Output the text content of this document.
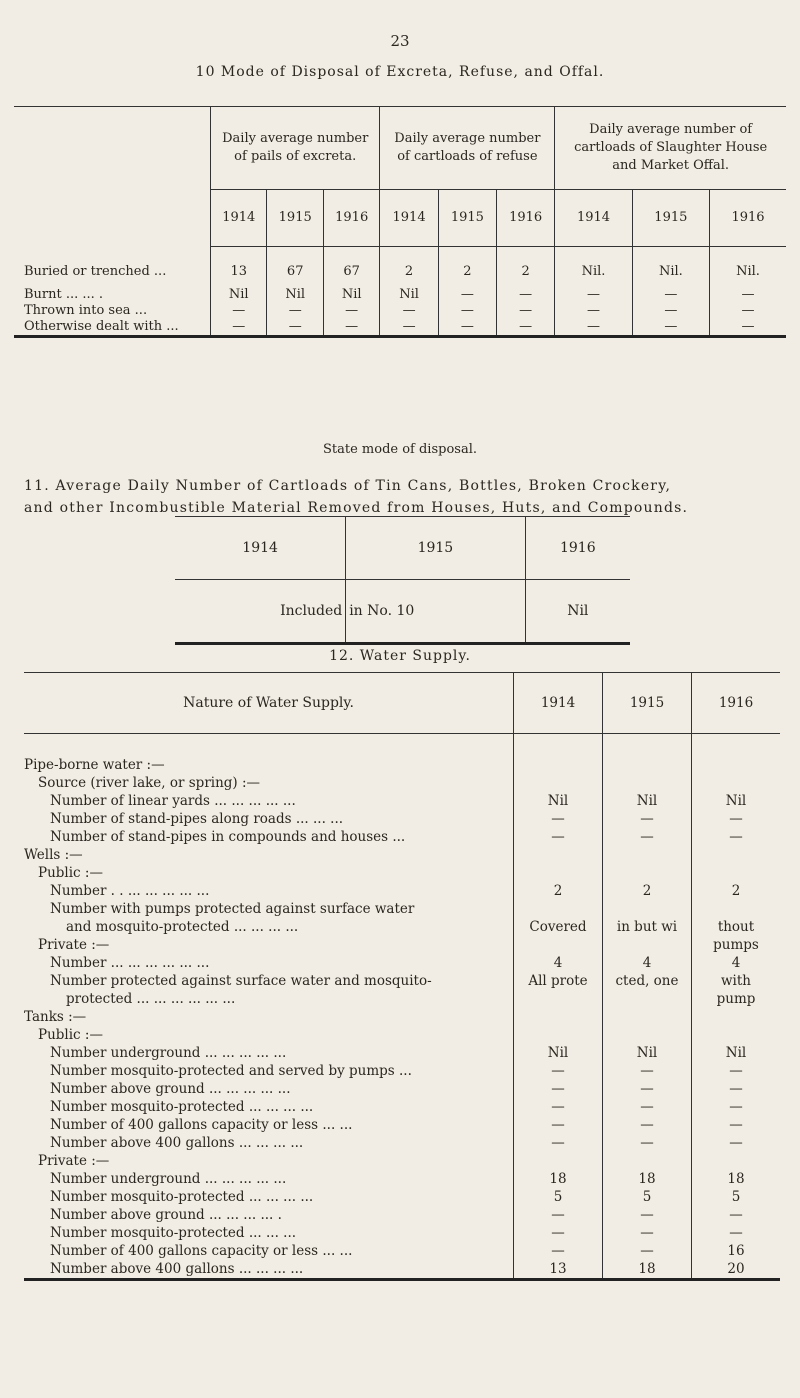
23
10 Mode of Disposal of Excreta, Refuse, and Offal.
	Daily average number of pails of excreta.			Daily average number of cartloads of refuse			Daily average number of cartloads of Slaughter House and Market Offal.		
	1914	1915	1916	1914	1915	1916	1914	1915	1916
Buried or trenched ...	13	67	67	2	2	2	Nil.	Nil.	Nil.
Burnt ... ... .	Nil	Nil	Nil	Nil	—	—	—	—	—
Thrown into sea ...	—	—	—	—	—	—	—	—	—
Otherwise dealt with ...	—	—	—	—	—	—	—	—	—
State mode of disposal.
11. Average Daily Number of Cartloads of Tin Cans, Bottles, Broken Crockery,
and other Incombustible Material Removed from Houses, Huts, and Compounds.
1914	1915	1916
Included	in No. 10	Nil
12. Water Supply.
Nature of Water Supply.	1914	1915	1916

Pipe-borne water :—			
Source (river lake, or spring) :—			
Number of linear yards ... ... ... ... ...	Nil	Nil	Nil
Number of stand-pipes along roads ... ... ...	—	—	—
Number of stand-pipes in compounds and houses ...	—	—	—
Wells :—			
Public :—			
Number . . ... ... ... ... ...	2	2	2
Number with pumps protected against surface water			
and mosquito-protected ... ... ... ...	Covered	in but wi	thout
Private :—			pumps
Number ... ... ... ... ... ...	4	4	4
Number protected against surface water and mosquito-	All prote	cted, one	with
protected ... ... ... ... ... ...			pump
Tanks :—			
Public :—			
Number underground ... ... ... ... ...	Nil	Nil	Nil
Number mosquito-protected and served by pumps ...	—	—	—
Number above ground ... ... ... ... ...	—	—	—
Number mosquito-protected ... ... ... ...	—	—	—
Number of 400 gallons capacity or less ... ...	—	—	—
Number above 400 gallons ... ... ... ...	—	—	—
Private :—			
Number underground ... ... ... ... ...	18	18	18
Number mosquito-protected ... ... ... ...	5	5	5
Number above ground ... ... ... ... .	—	—	—
Number mosquito-protected ... ... ...	—	—	—
Number of 400 gallons capacity or less ... ...	—	—	16
Number above 400 gallons ... ... ... ...	13	18	20
